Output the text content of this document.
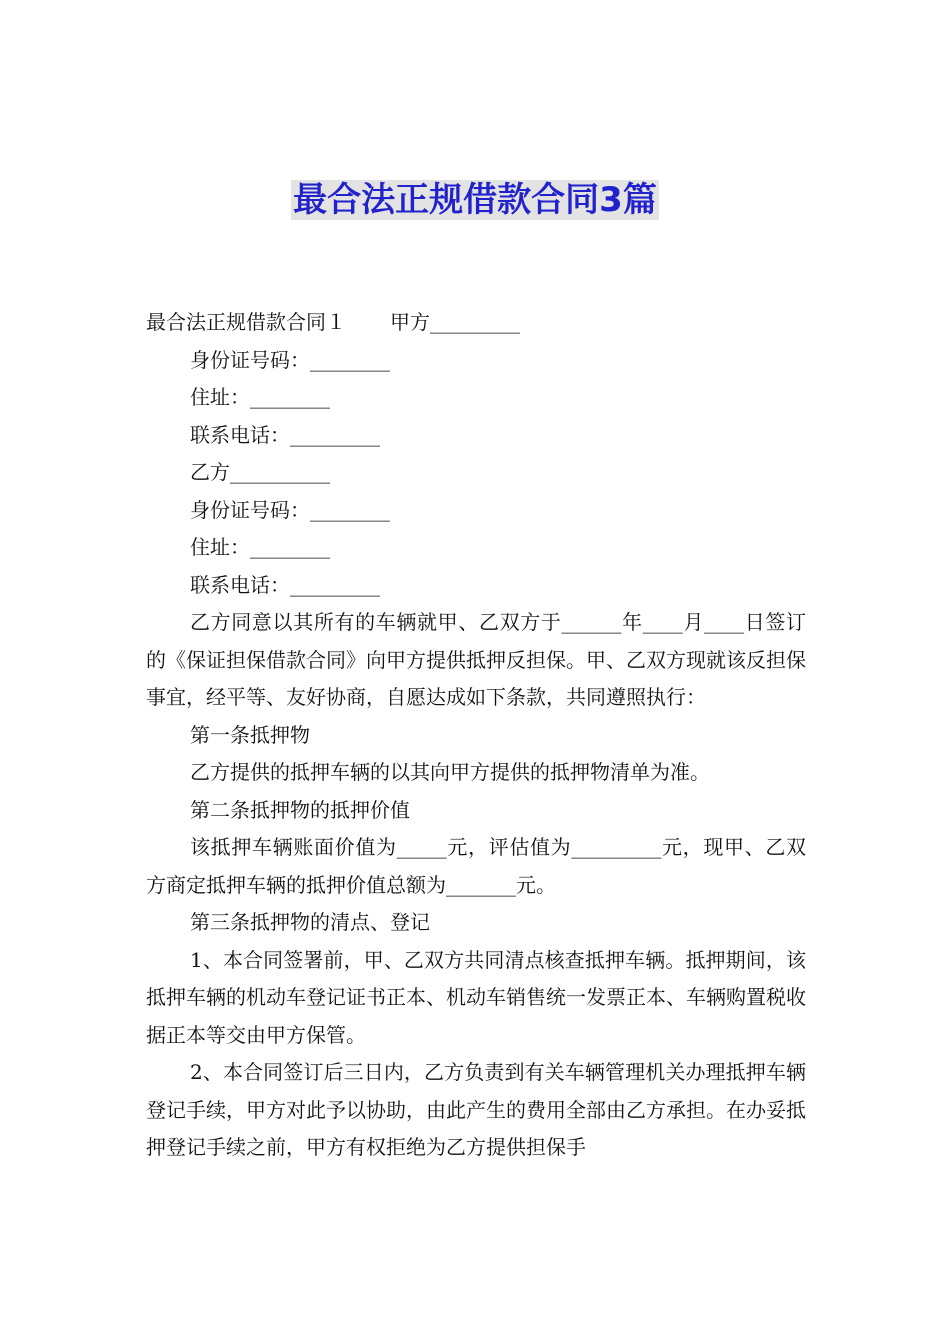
最合法正规借款合同3篇

最合法正规借款合同１ 甲方_________

身份证号码：________

住址：________

联系电话：_________

乙方__________

身份证号码：________

住址：________

联系电话：_________

乙方同意以其所有的车辆就甲、乙双方于______年____月____日签订的《保证担保借款合同》向甲方提供抵押反担保。甲、乙双方现就该反担保事宜，经平等、友好协商，自愿达成如下条款，共同遵照执行：

第一条抵押物

乙方提供的抵押车辆的以其向甲方提供的抵押物清单为准。

第二条抵押物的抵押价值

该抵押车辆账面价值为_____元，评估值为_________元，现甲、乙双方商定抵押车辆的抵押价值总额为_______元。

第三条抵押物的清点、登记

1、本合同签署前，甲、乙双方共同清点核查抵押车辆。抵押期间，该抵押车辆的机动车登记证书正本、机动车销售统一发票正本、车辆购置税收据正本等交由甲方保管。

2、本合同签订后三日内，乙方负责到有关车辆管理机关办理抵押车辆登记手续，甲方对此予以协助，由此产生的费用全部由乙方承担。在办妥抵押登记手续之前，甲方有权拒绝为乙方提供担保手
